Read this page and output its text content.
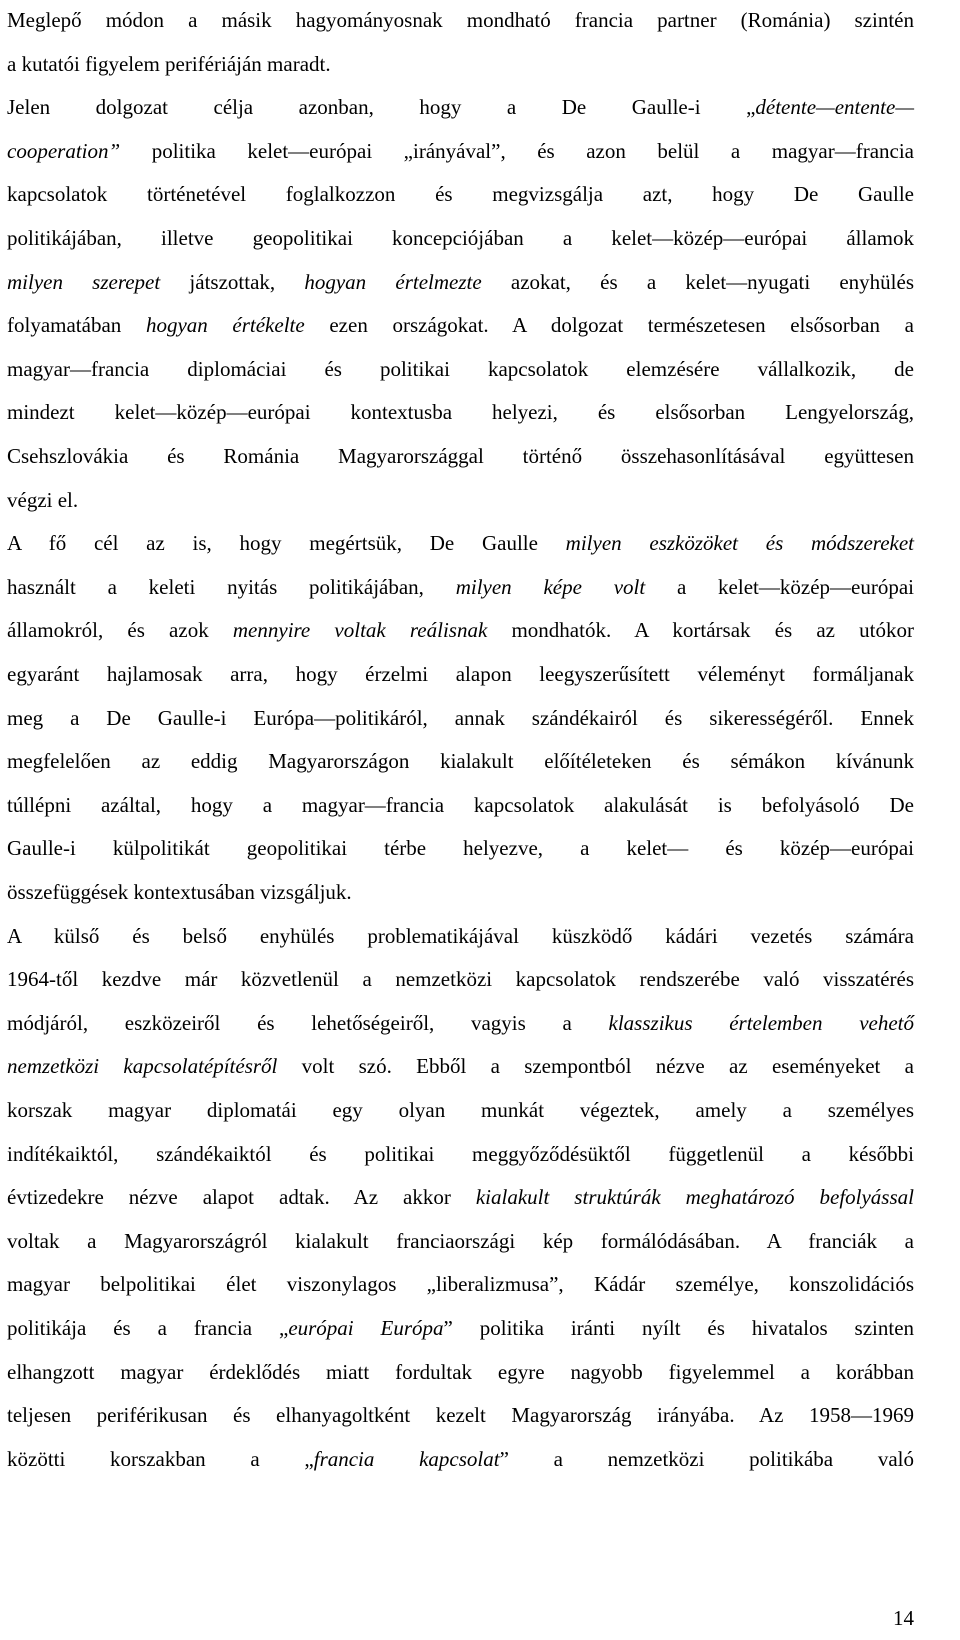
Meglepő módon a másik hagyományosnak mondható francia partner (Románia) szintén
a kutatói figyelem perifériáján maradt.
Jelen dolgozat célja azonban, hogy a De Gaulle-i „détente—entente—
cooperation” politika kelet—európai „irányával”, és azon belül a magyar—francia
kapcsolatok történetével foglalkozzon és megvizsgálja azt, hogy De Gaulle
politikájában, illetve geopolitikai koncepciójában a kelet—közép—európai államok
milyen szerepet játszottak, hogyan értelmezte azokat, és a kelet—nyugati enyhülés
folyamatában hogyan értékelte ezen országokat. A dolgozat természetesen elsősorban a
magyar—francia diplomáciai és politikai kapcsolatok elemzésére vállalkozik, de
mindezt kelet—közép—európai kontextusba helyezi, és elsősorban Lengyelország,
Csehszlovákia és Románia Magyarországgal történő összehasonlításával együttesen
végzi el.
A fő cél az is, hogy megértsük, De Gaulle milyen eszközöket és módszereket
használt a keleti nyitás politikájában, milyen képe volt a kelet—közép—európai
államokról, és azok mennyire voltak reálisnak mondhatók. A kortársak és az utókor
egyaránt hajlamosak arra, hogy érzelmi alapon leegyszerűsített véleményt formáljanak
meg a De Gaulle-i Európa—politikáról, annak szándékairól és sikerességéről. Ennek
megfelelően az eddig Magyarországon kialakult előítéleteken és sémákon kívánunk
túllépni azáltal, hogy a magyar—francia kapcsolatok alakulását is befolyásoló De
Gaulle-i külpolitikát geopolitikai térbe helyezve, a kelet— és közép—európai
összefüggések kontextusában vizsgáljuk.
A külső és belső enyhülés problematikájával küszködő kádári vezetés számára
1964-től kezdve már közvetlenül a nemzetközi kapcsolatok rendszerébe való visszatérés
módjáról, eszközeiről és lehetőségeiről, vagyis a klasszikus értelemben vehető
nemzetközi kapcsolatépítésről volt szó. Ebből a szempontból nézve az eseményeket a
korszak magyar diplomatái egy olyan munkát végeztek, amely a személyes
indítékaiktól, szándékaiktól és politikai meggyőződésüktől függetlenül a későbbi
évtizedekre nézve alapot adtak. Az akkor kialakult struktúrák meghatározó befolyással
voltak a Magyarországról kialakult franciaországi kép formálódásában. A franciák a
magyar belpolitikai élet viszonylagos „liberalizmusa”, Kádár személye, konszolidációs
politikája és a francia „európai Európa” politika iránti nyílt és hivatalos szinten
elhangzott magyar érdeklődés miatt fordultak egyre nagyobb figyelemmel a korábban
teljesen periférikusan és elhanyagoltként kezelt Magyarország irányába. Az 1958—1969
közötti korszakban a „francia kapcsolat” a nemzetközi politikába való
14
